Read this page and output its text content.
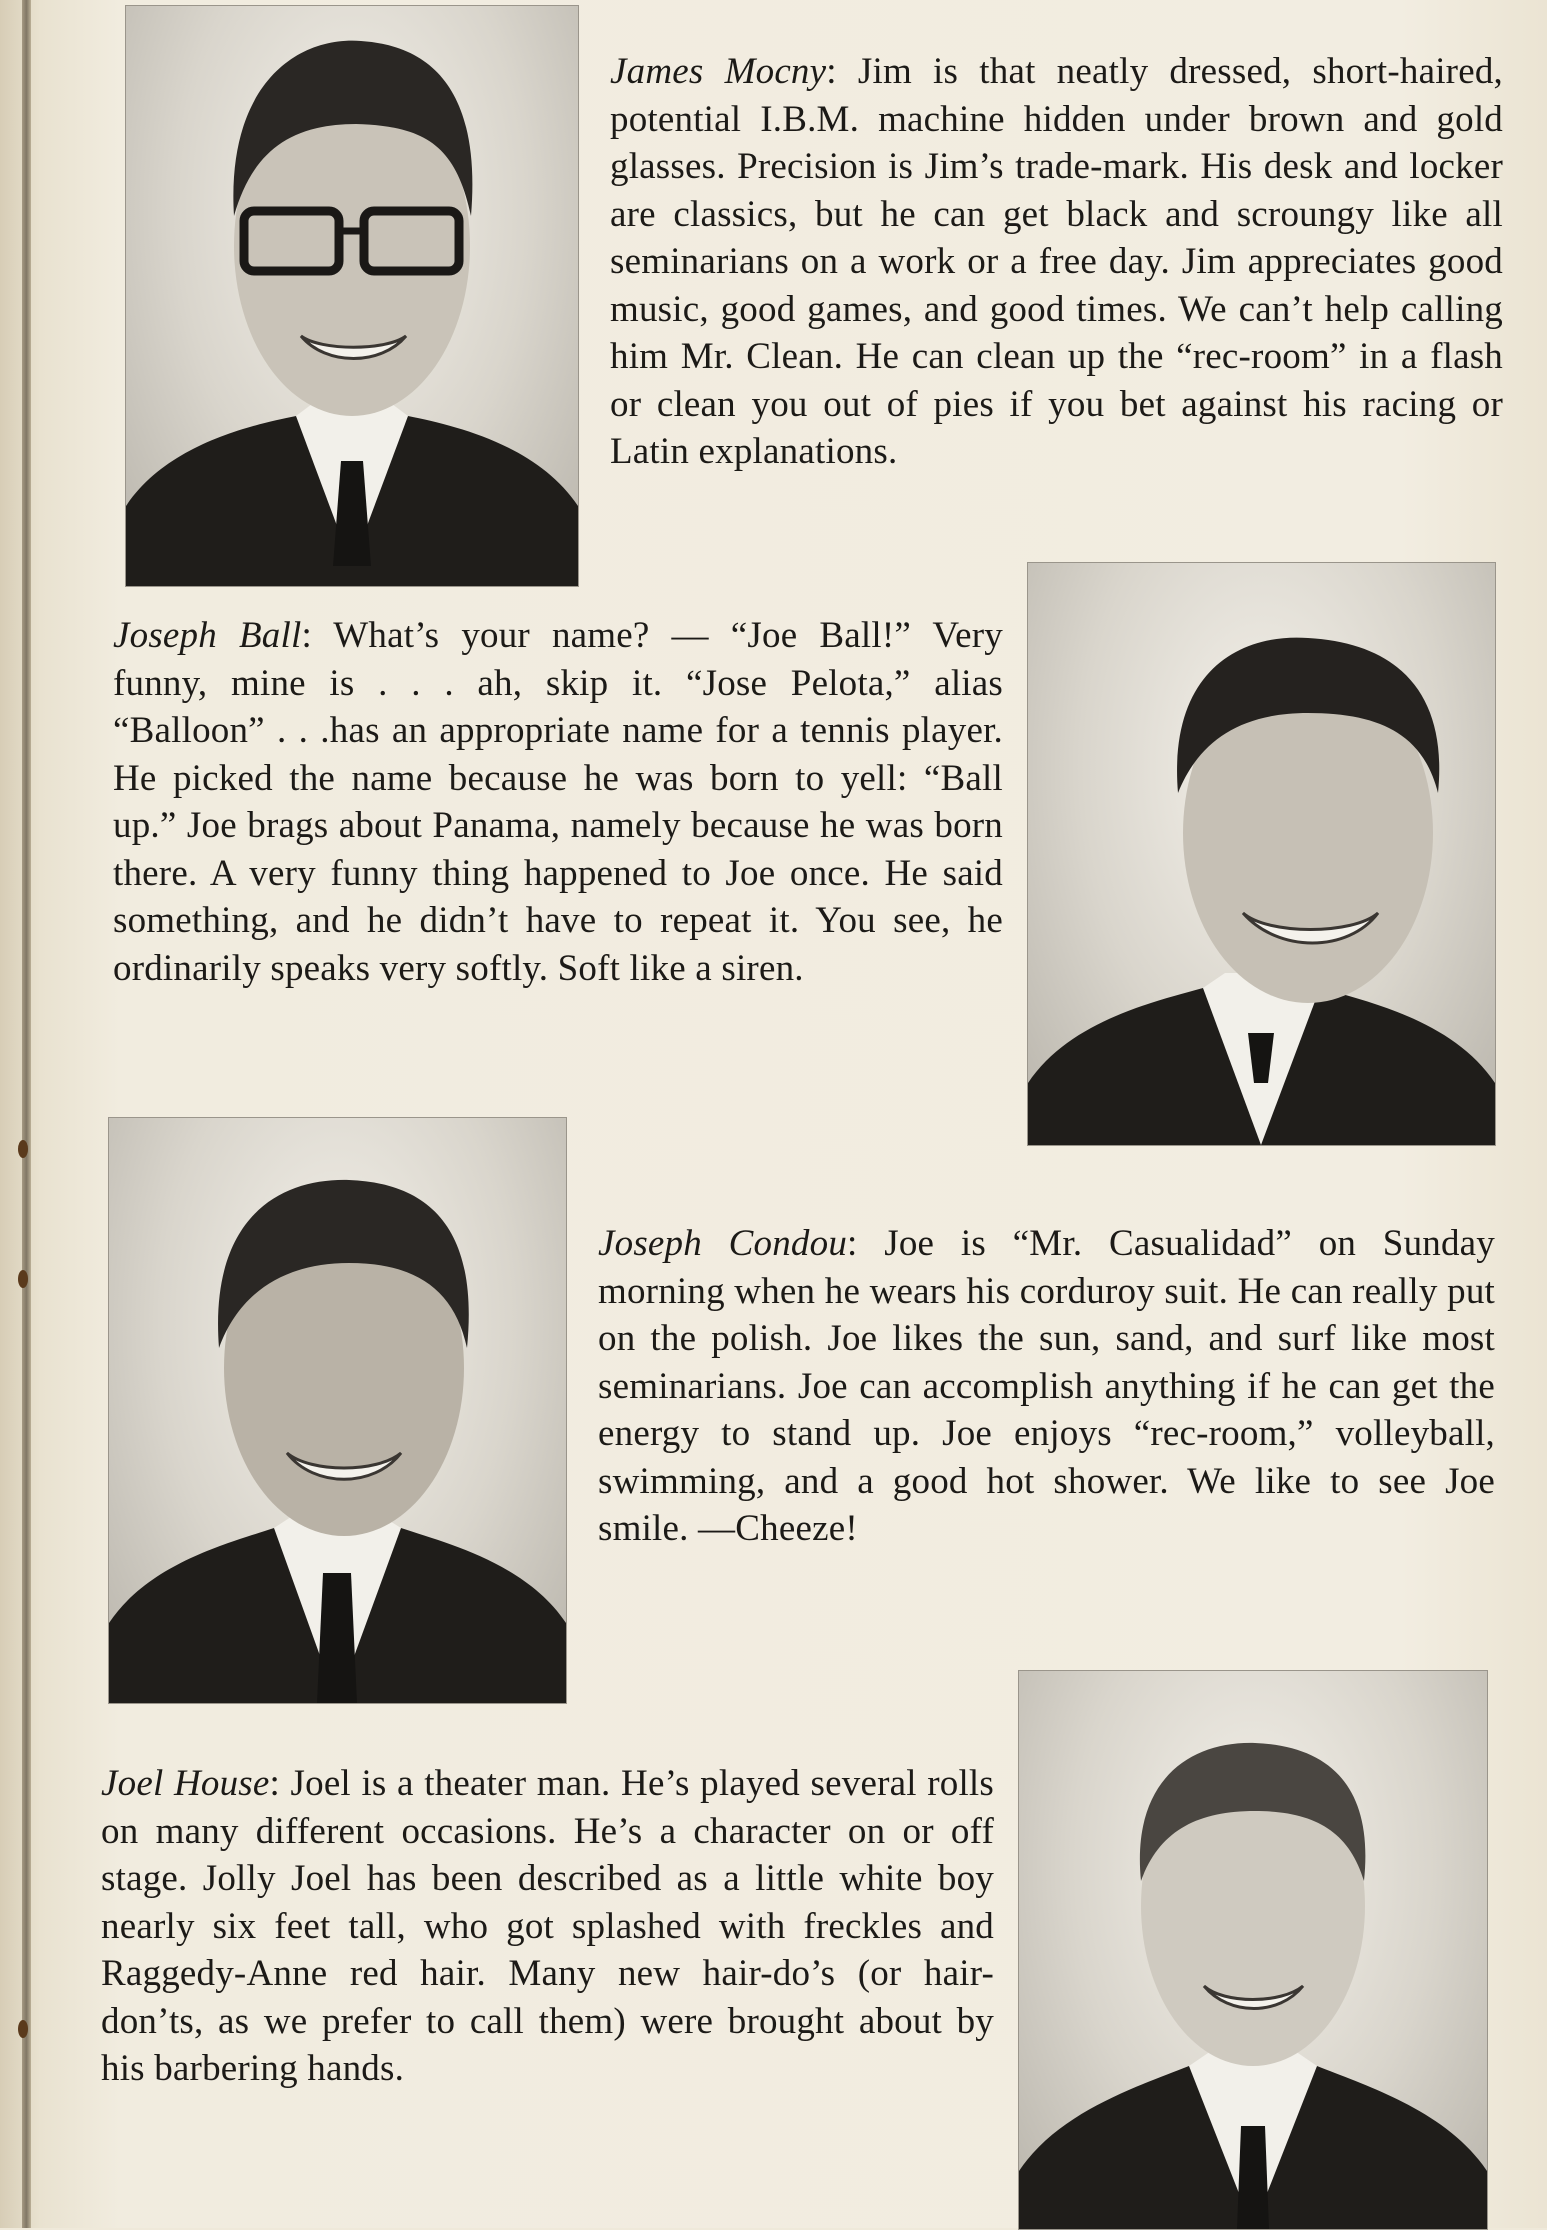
James Mocny: Jim is that neatly dressed, short-haired, potential I.B.M. machine hidden under brown and gold glasses. Precision is Jim’s trade-mark. His desk and locker are classics, but he can get black and scroungy like all seminarians on a work or a free day. Jim appreciates good music, good games, and good times. We can’t help calling him Mr. Clean. He can clean up the “rec-room” in a flash or clean you out of pies if you bet against his racing or Latin explanations.
Joseph Ball: What’s your name? — “Joe Ball!” Very funny, mine is . . . ah, skip it. “Jose Pelota,” alias “Balloon” . . .has an appropriate name for a tennis player. He picked the name because he was born to yell: “Ball up.” Joe brags about Panama, namely because he was born there. A very funny thing happened to Joe once. He said something, and he didn’t have to repeat it. You see, he ordinarily speaks very softly. Soft like a siren.
Joseph Condou: Joe is “Mr. Casualidad” on Sunday morning when he wears his corduroy suit. He can really put on the polish. Joe likes the sun, sand, and surf like most seminarians. Joe can accomplish anything if he can get the energy to stand up. Joe enjoys “rec-room,” volleyball, swimming, and a good hot shower. We like to see Joe smile. —Cheeze!
Joel House: Joel is a theater man. He’s played several rolls on many different occasions. He’s a character on or off stage. Jolly Joel has been described as a little white boy nearly six feet tall, who got splashed with freckles and Raggedy-Anne red hair. Many new hair-do’s (or hair-don’ts, as we prefer to call them) were brought about by his barbering hands.
